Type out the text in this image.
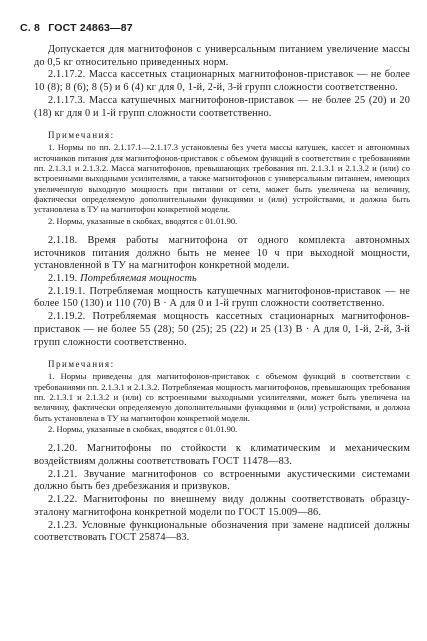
С. 8 ГОСТ 24863—87

Допускается для магнитофонов с универсальным питанием увеличение массы до 0,5 кг относительно приведенных норм.

2.1.17.2. Масса кассетных стационарных магнитофонов-приставок — не более 10 (8); 8 (6); 8 (5) и 6 (4) кг для 0, 1-й, 2-й, 3-й групп сложности соответственно.

2.1.17.3. Масса катушечных магнитофонов-приставок — не более 25 (20) и 20 (18) кг для 0 и 1-й групп сложности соответственно.

Примечания:

1. Нормы по пп. 2.1.17.1—2.1.17.3 установлены без учета массы катушек, кассет и автономных источников питания для магнитофонов-приставок с объемом функций в соответствии с требованиями пп. 2.1.3.1 и 2.1.3.2. Масса магнитофонов, превышающих требования пп. 2.1.3.1 и 2.1.3.2 и (или) со встроенными выходными усилителями, а также магнитофонов с универсальным питанием, имеющих увеличенную выходную мощность при питании от сети, может быть увеличена на величину, фактически определяемую дополнительными функциями и (или) устройствами, и должна быть установлена в ТУ на магнитофон конкретной модели.

2. Нормы, указанные в скобках, вводятся с 01.01.90.

2.1.18. Время работы магнитофона от одного комплекта автономных источников питания должно быть не менее 10 ч при выходной мощности, установленной в ТУ на магнитофон конкретной модели.

2.1.19. Потребляемая мощность

2.1.19.1. Потребляемая мощность катушечных магнитофонов-приставок — не более 150 (130) и 110 (70) В · А для 0 и 1-й групп сложности соответственно.

2.1.19.2. Потребляемая мощность кассетных стационарных магнитофонов-приставок — не более 55 (28); 50 (25); 25 (22) и 25 (13) В · А для 0, 1-й, 2-й, 3-й групп сложности соответственно.

Примечания:

1. Нормы приведены для магнитофонов-приставок с объемом функций в соответствии с требованиями пп. 2.1.3.1 и 2.1.3.2. Потребляемая мощность магнитофонов, превышающих требования пп. 2.1.3.1 и 2.1.3.2 и (или) со встроенными выходными усилителями, может быть увеличена на величину, фактически определяемую дополнительными функциями и (или) устройствами, и должна быть установлена в ТУ на магнитофон конкретной модели.

2. Нормы, указанные в скобках, вводятся с 01.01.90.

2.1.20. Магнитофоны по стойкости к климатическим и механическим воздействиям должны соответствовать ГОСТ 11478—83.

2.1.21. Звучание магнитофонов со встроенными акустическими системами должно быть без дребезжания и призвуков.

2.1.22. Магнитофоны по внешнему виду должны соответствовать образцу-эталону магнитофона конкретной модели по ГОСТ 15.009—86.

2.1.23. Условные функциональные обозначения при замене надписей должны соответствовать ГОСТ 25874—83.
